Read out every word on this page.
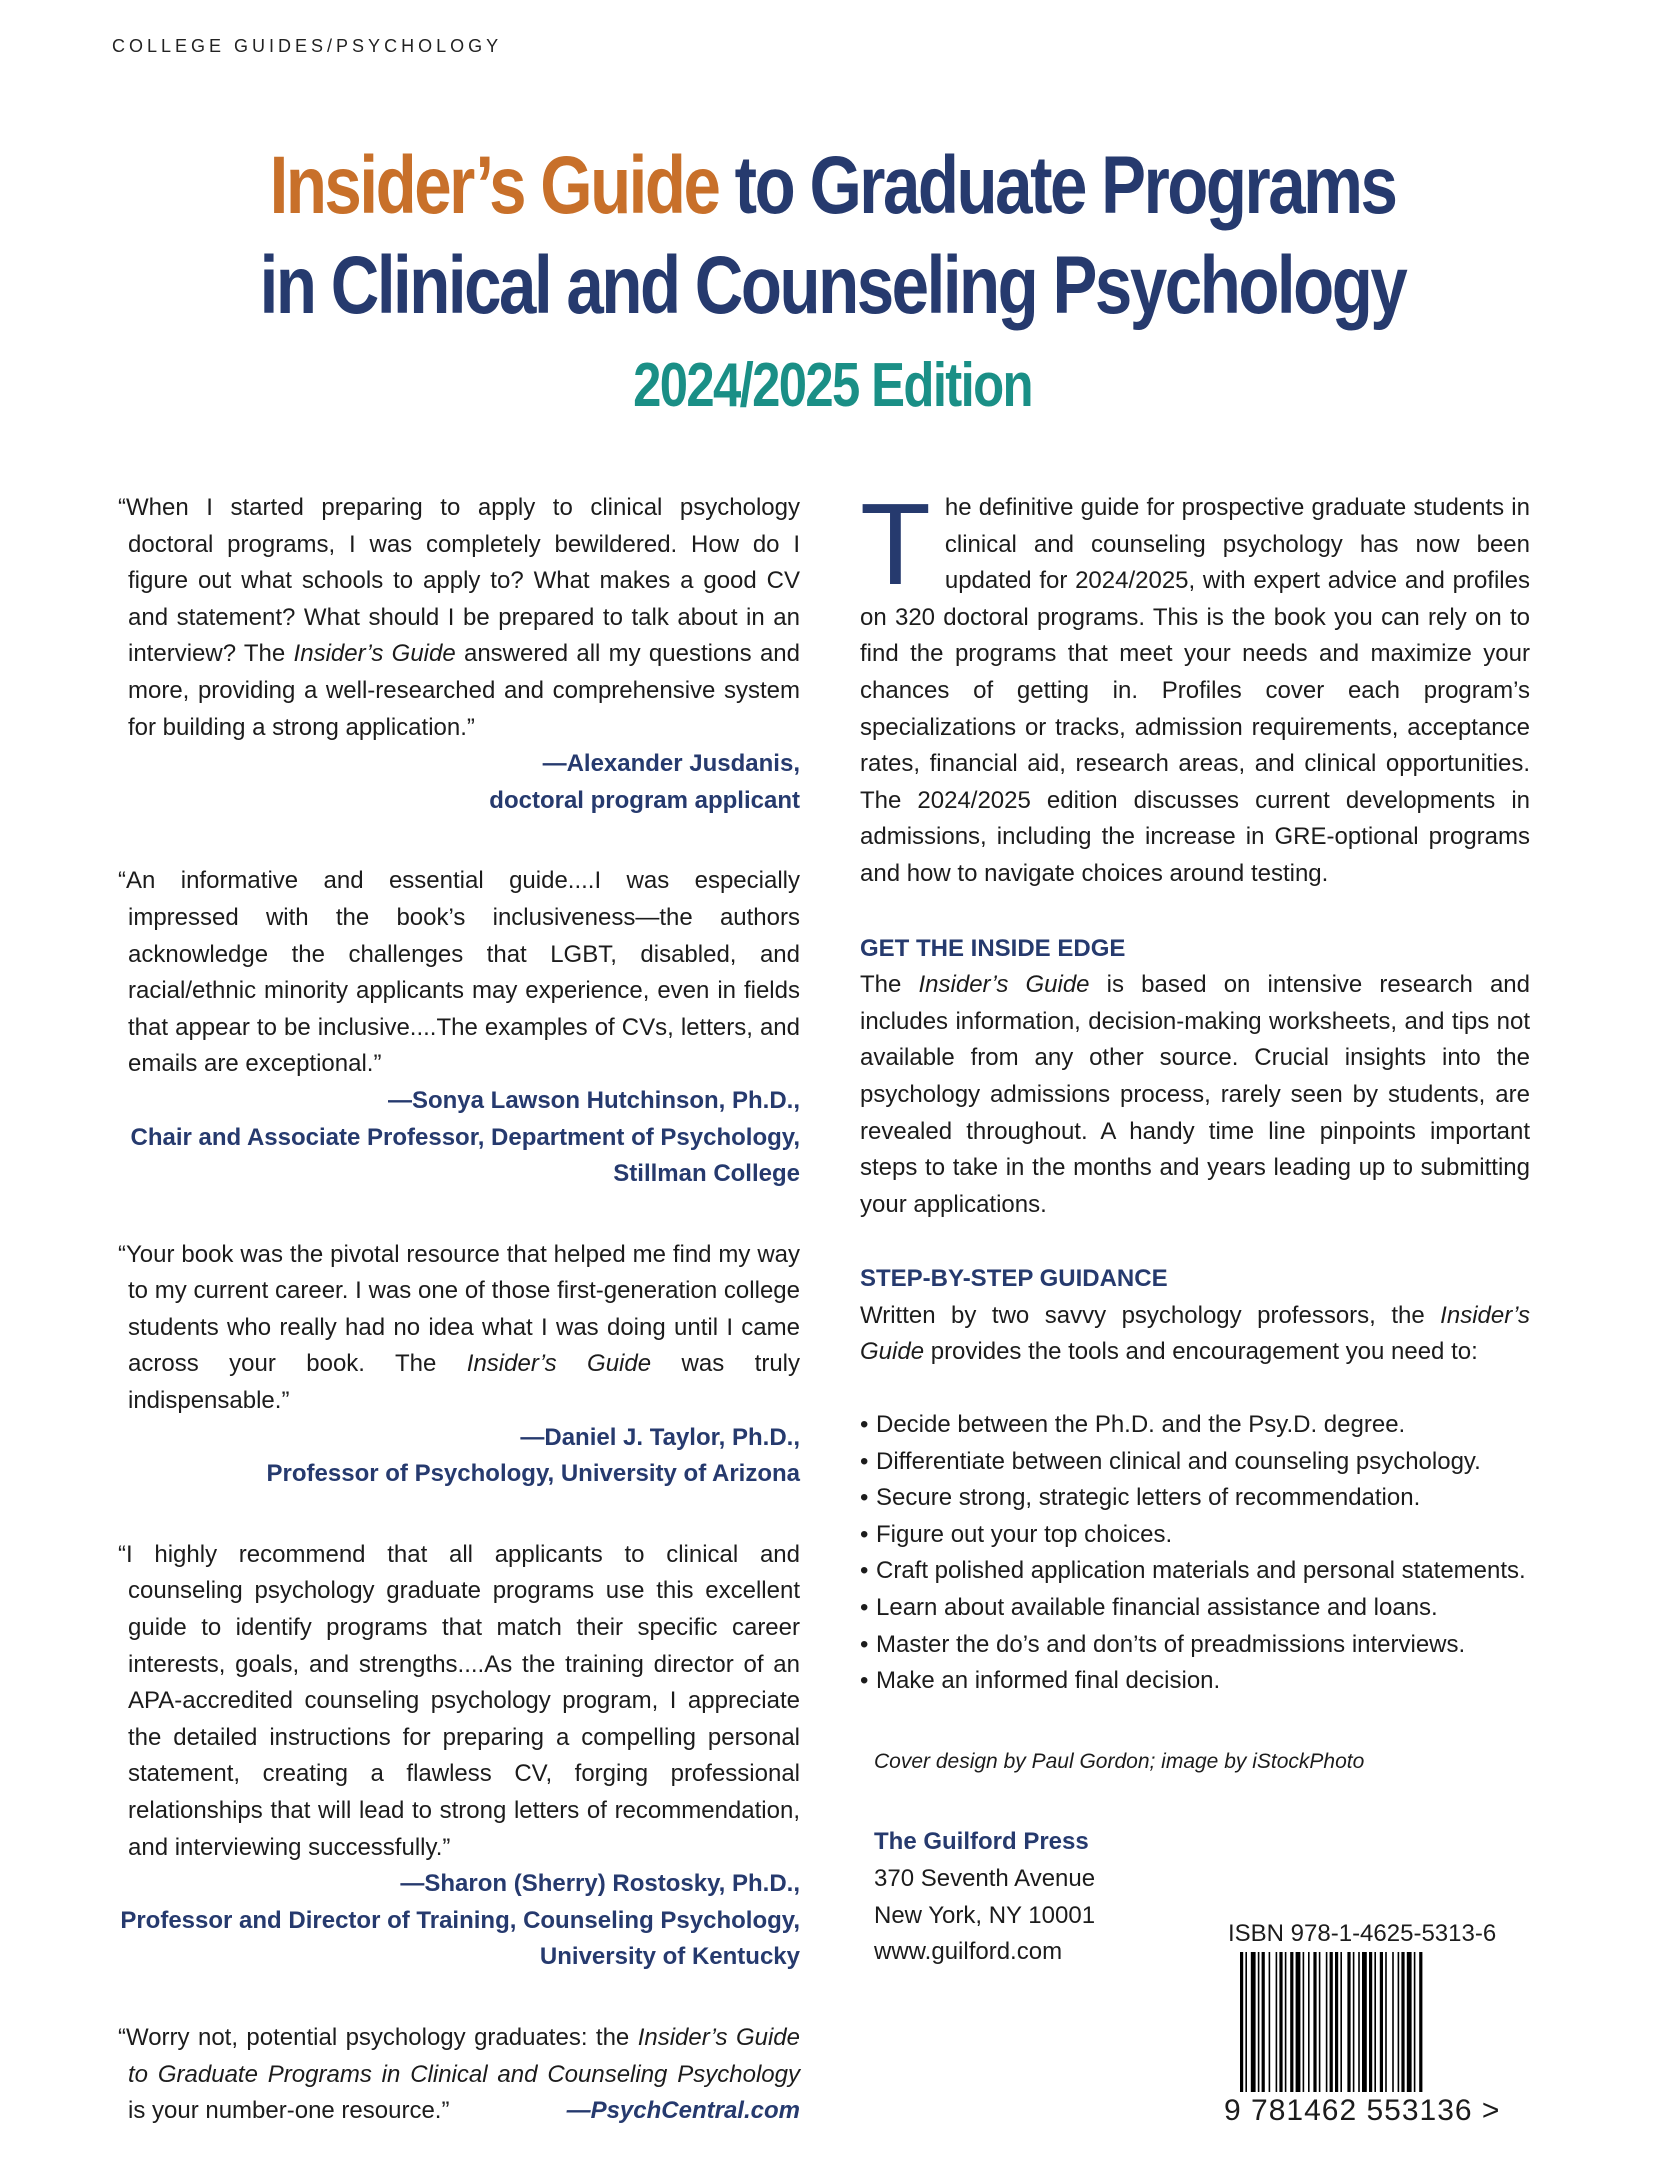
COLLEGE GUIDES/PSYCHOLOGY
Insider’s Guide to Graduate Programs
in Clinical and Counseling Psychology
2024/2025 Edition
“When I started preparing to apply to clinical psychology doctoral programs, I was completely bewildered. How do I figure out what schools to apply to? What makes a good CV and statement? What should I be prepared to talk about in an interview? The Insider’s Guide answered all my questions and more, providing a well-researched and comprehensive system for building a strong application.”
—Alexander Jusdanis,
doctoral program applicant
“An informative and essential guide....I was especially impressed with the book’s inclusiveness—the authors acknowledge the challenges that LGBT, disabled, and racial/ethnic minority applicants may experience, even in fields that appear to be inclusive....The examples of CVs, letters, and emails are exceptional.”
—Sonya Lawson Hutchinson, Ph.D.,
Chair and Associate Professor, Department of Psychology,
Stillman College
“Your book was the pivotal resource that helped me find my way to my current career. I was one of those first-generation college students who really had no idea what I was doing until I came across your book. The Insider’s Guide was truly indispensable.”
—Daniel J. Taylor, Ph.D.,
Professor of Psychology, University of Arizona
“I highly recommend that all applicants to clinical and counseling psychology graduate programs use this excellent guide to identify programs that match their specific career interests, goals, and strengths....As the training director of an APA-accredited counseling psychology program, I appreciate the detailed instructions for preparing a compelling personal statement, creating a flawless CV, forging professional relationships that will lead to strong letters of recommendation, and interviewing successfully.”
—Sharon (Sherry) Rostosky, Ph.D.,
Professor and Director of Training, Counseling Psychology,
University of Kentucky
“Worry not, potential psychology graduates: the Insider’s Guide to Graduate Programs in Clinical and Counseling Psychology is your number-one resource.”	—PsychCentral.com
The definitive guide for prospective graduate students in clinical and counseling psychology has now been updated for 2024/2025, with expert advice and profiles on 320 doctoral programs. This is the book you can rely on to find the programs that meet your needs and maximize your chances of getting in. Profiles cover each program’s specializations or tracks, admission requirements, acceptance rates, financial aid, research areas, and clinical opportunities. The 2024/2025 edition discusses current developments in admissions, including the increase in GRE-optional programs and how to navigate choices around testing.
GET THE INSIDE EDGE
The Insider’s Guide is based on intensive research and includes information, decision-making worksheets, and tips not available from any other source. Crucial insights into the psychology admissions process, rarely seen by students, are revealed throughout. A handy time line pinpoints important steps to take in the months and years leading up to submitting your applications.
STEP-BY-STEP GUIDANCE
Written by two savvy psychology professors, the Insider’s Guide provides the tools and encouragement you need to:
• Decide between the Ph.D. and the Psy.D. degree.
• Differentiate between clinical and counseling psychology.
• Secure strong, strategic letters of recommendation.
• Figure out your top choices.
• Craft polished application materials and personal statements.
• Learn about available financial assistance and loans.
• Master the do’s and don’ts of preadmissions interviews.
• Make an informed final decision.
Cover design by Paul Gordon; image by iStockPhoto
The Guilford Press
370 Seventh Avenue
New York, NY 10001
www.guilford.com
ISBN 978-1-4625-5313-6
9 781462 553136 >
